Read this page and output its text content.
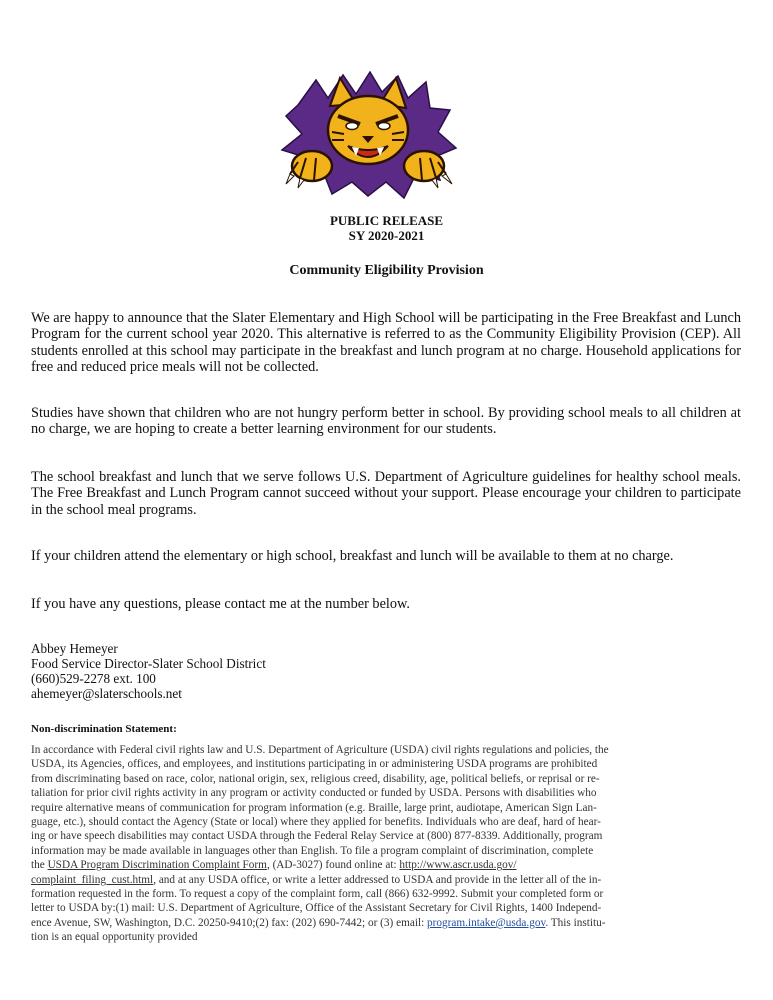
PUBLIC RELEASE
SY 2020-2021
Community Eligibility Provision

We are happy to announce that the Slater Elementary and High School will be participating in the Free Breakfast and Lunch Program for the current school year 2020. This alternative is referred to as the Community Eligibility Provision (CEP). All students enrolled at this school may participate in the breakfast and lunch program at no charge. Household applications for free and reduced price meals will not be collected.

Studies have shown that children who are not hungry perform better in school. By providing school meals to all children at no charge, we are hoping to create a better learning environment for our students.

The school breakfast and lunch that we serve follows U.S. Department of Agriculture guidelines for healthy school meals. The Free Breakfast and Lunch Program cannot succeed without your support. Please encourage your children to participate in the school meal programs.

If your children attend the elementary or high school, breakfast and lunch will be available to them at no charge.

If you have any questions, please contact me at the number below.

Abbey Hemeyer
Food Service Director-Slater School District
(660)529-2278 ext. 100
ahemeyer@slaterschools.net
Non-discrimination Statement:
In accordance with Federal civil rights law and U.S. Department of Agriculture (USDA) civil rights regulations and policies, the
USDA, its Agencies, offices, and employees, and institutions participating in or administering USDA programs are prohibited
from discriminating based on race, color, national origin, sex, religious creed, disability, age, political beliefs, or reprisal or re-
taliation for prior civil rights activity in any program or activity conducted or funded by USDA. Persons with disabilities who
require alternative means of communication for program information (e.g. Braille, large print, audiotape, American Sign Lan-
guage, etc.), should contact the Agency (State or local) where they applied for benefits. Individuals who are deaf, hard of hear-
ing or have speech disabilities may contact USDA through the Federal Relay Service at (800) 877-8339. Additionally, program
information may be made available in languages other than English. To file a program complaint of discrimination, complete
the USDA Program Discrimination Complaint Form, (AD-3027) found online at: http://www.ascr.usda.gov/
complaint_filing_cust.html, and at any USDA office, or write a letter addressed to USDA and provide in the letter all of the in-
formation requested in the form. To request a copy of the complaint form, call (866) 632-9992. Submit your completed form or
letter to USDA by:(1) mail: U.S. Department of Agriculture, Office of the Assistant Secretary for Civil Rights, 1400 Independ-
ence Avenue, SW, Washington, D.C. 20250-9410;(2) fax: (202) 690-7442; or (3) email: program.intake@usda.gov. This institu-
tion is an equal opportunity provided
